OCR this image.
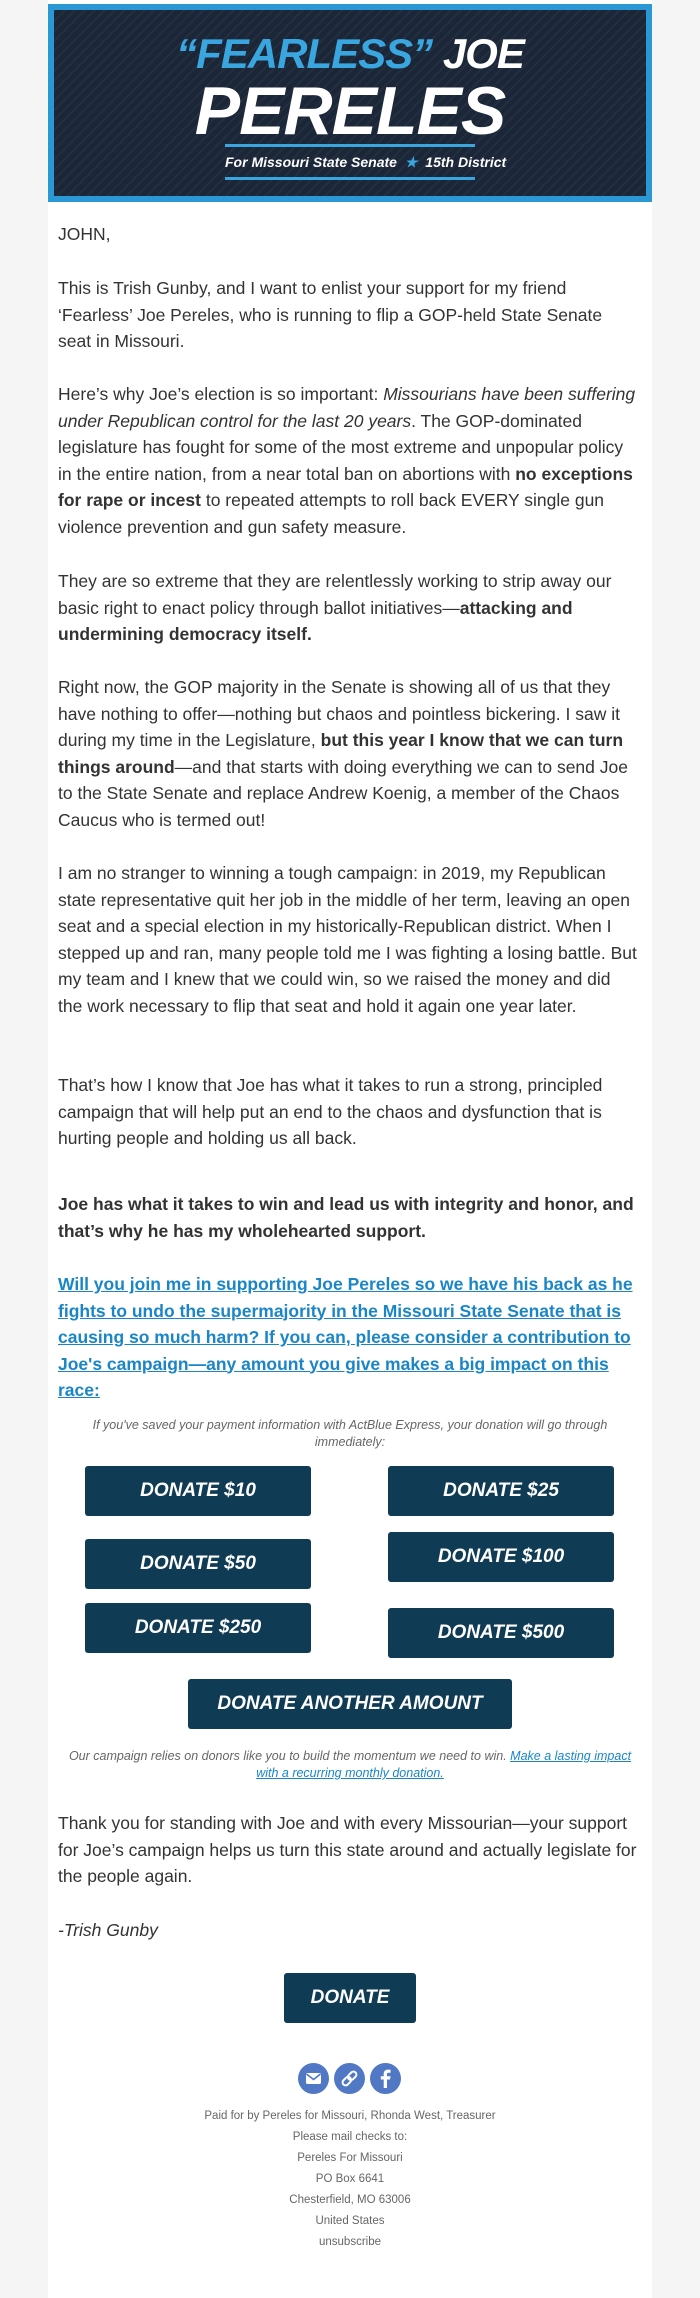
“FEARLESS” JOE
PERELES
For Missouri State Senate ★ 15th District
JOHN,

This is Trish Gunby, and I want to enlist your support for my friend ‘Fearless’ Joe Pereles, who is running to flip a GOP-held State Senate seat in Missouri.

Here’s why Joe’s election is so important: Missourians have been suffering under Republican control for the last 20 years. The GOP-dominated legislature has fought for some of the most extreme and unpopular policy in the entire nation, from a near total ban on abortions with no exceptions for rape or incest to repeated attempts to roll back EVERY single gun violence prevention and gun safety measure.

They are so extreme that they are relentlessly working to strip away our basic right to enact policy through ballot initiatives—attacking and undermining democracy itself.

Right now, the GOP majority in the Senate is showing all of us that they have nothing to offer—nothing but chaos and pointless bickering. I saw it during my time in the Legislature, but this year I know that we can turn things around—and that starts with doing everything we can to send Joe to the State Senate and replace Andrew Koenig, a member of the Chaos Caucus who is termed out!

I am no stranger to winning a tough campaign: in 2019, my Republican state representative quit her job in the middle of her term, leaving an open seat and a special election in my historically-Republican district. When I stepped up and ran, many people told me I was fighting a losing battle. But my team and I knew that we could win, so we raised the money and did the work necessary to flip that seat and hold it again one year later.

That’s how I know that Joe has what it takes to run a strong, principled campaign that will help put an end to the chaos and dysfunction that is hurting people and holding us all back.

Joe has what it takes to win and lead us with integrity and honor, and that’s why he has my wholehearted support.

Will you join me in supporting Joe Pereles so we have his back as he fights to undo the supermajority in the Missouri State Senate that is causing so much harm? If you can, please consider a contribution to Joe's campaign—any amount you give makes a big impact on this race:
If you've saved your payment information with ActBlue Express, your donation will go through immediately:
DONATE $10	DONATE $25
DONATE $50	DONATE $100
DONATE $250	DONATE $500
DONATE ANOTHER AMOUNT
Our campaign relies on donors like you to build the momentum we need to win. Make a lasting impact with a recurring monthly donation.

Thank you for standing with Joe and with every Missourian—your support for Joe’s campaign helps us turn this state around and actually legislate for the people again.

-Trish Gunby
DONATE
Paid for by Pereles for Missouri, Rhonda West, Treasurer
Please mail checks to:
Pereles For Missouri
PO Box 6641
Chesterfield, MO 63006
United States
unsubscribe
